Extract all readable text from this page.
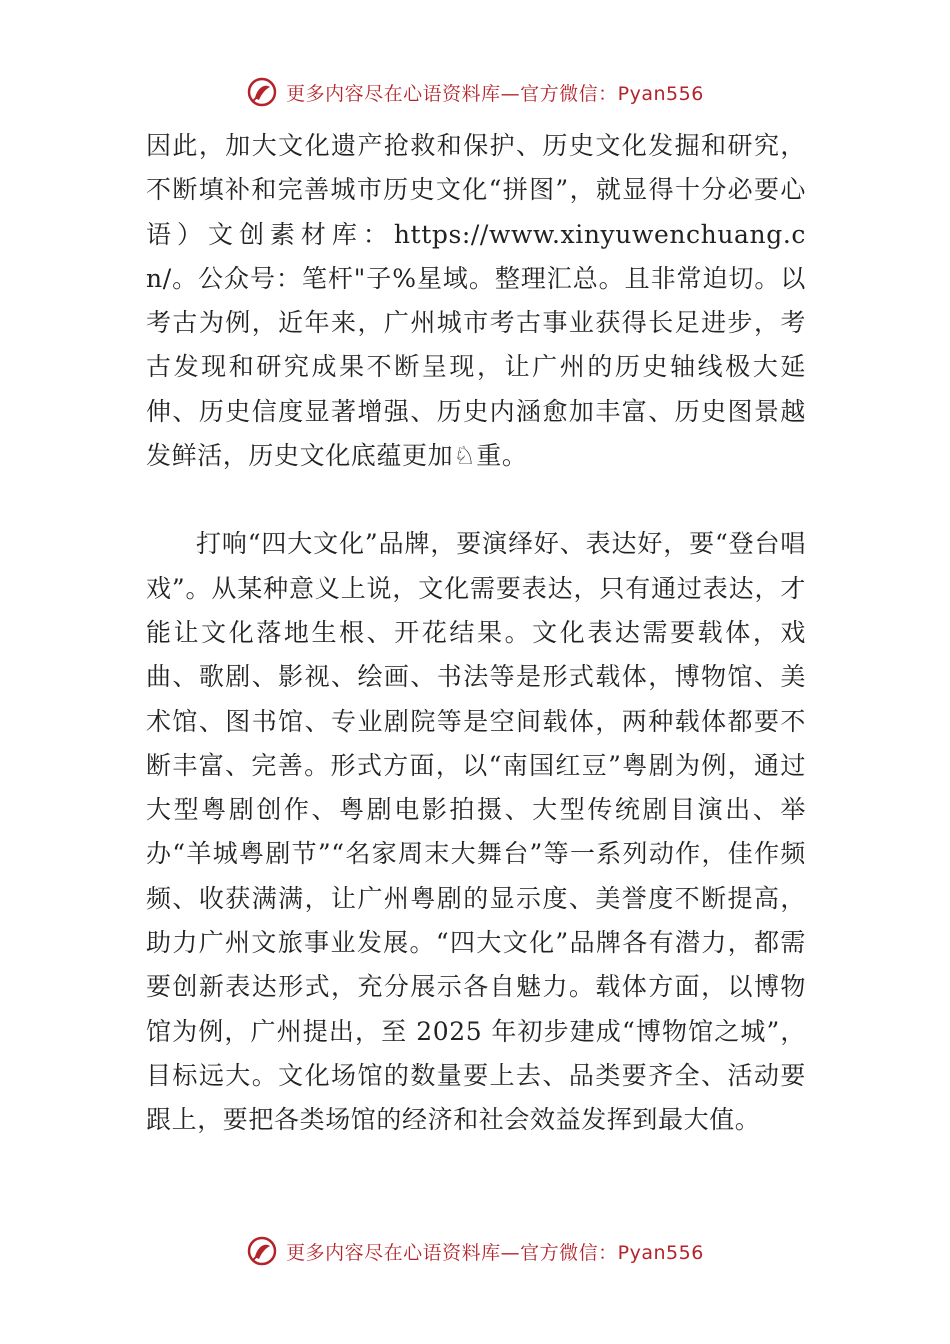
更多内容尽在心语资料库—官方微信：Pyan556

因此，加大文化遗产抢救和保护、历史文化发掘和研究，不断填补和完善城市历史文化“拼图”，就显得十分必要心语）文创素材库：https://www.xinyuwenchuang.cn/。公众号：笔杆"子%星域。整理汇总。且非常迫切。以考古为例，近年来，广州城市考古事业获得长足进步，考古发现和研究成果不断呈现，让广州的历史轴线极大延伸、历史信度显著增强、历史内涵愈加丰富、历史图景越发鲜活，历史文化底蕴更加♘重。

打响“四大文化”品牌，要演绎好、表达好，要“登台唱戏”。从某种意义上说，文化需要表达，只有通过表达，才能让文化落地生根、开花结果。文化表达需要载体，戏曲、歌剧、影视、绘画、书法等是形式载体，博物馆、美术馆、图书馆、专业剧院等是空间载体，两种载体都要不断丰富、完善。形式方面，以“南国红豆”粤剧为例，通过大型粤剧创作、粤剧电影拍摄、大型传统剧目演出、举办“羊城粤剧节”“名家周末大舞台”等一系列动作，佳作频频、收获满满，让广州粤剧的显示度、美誉度不断提高，助力广州文旅事业发展。“四大文化”品牌各有潜力，都需要创新表达形式，充分展示各自魅力。载体方面，以博物馆为例，广州提出，至 2025 年初步建成“博物馆之城”，目标远大。文化场馆的数量要上去、品类要齐全、活动要跟上，要把各类场馆的经济和社会效益发挥到最大值。

更多内容尽在心语资料库—官方微信：Pyan556
